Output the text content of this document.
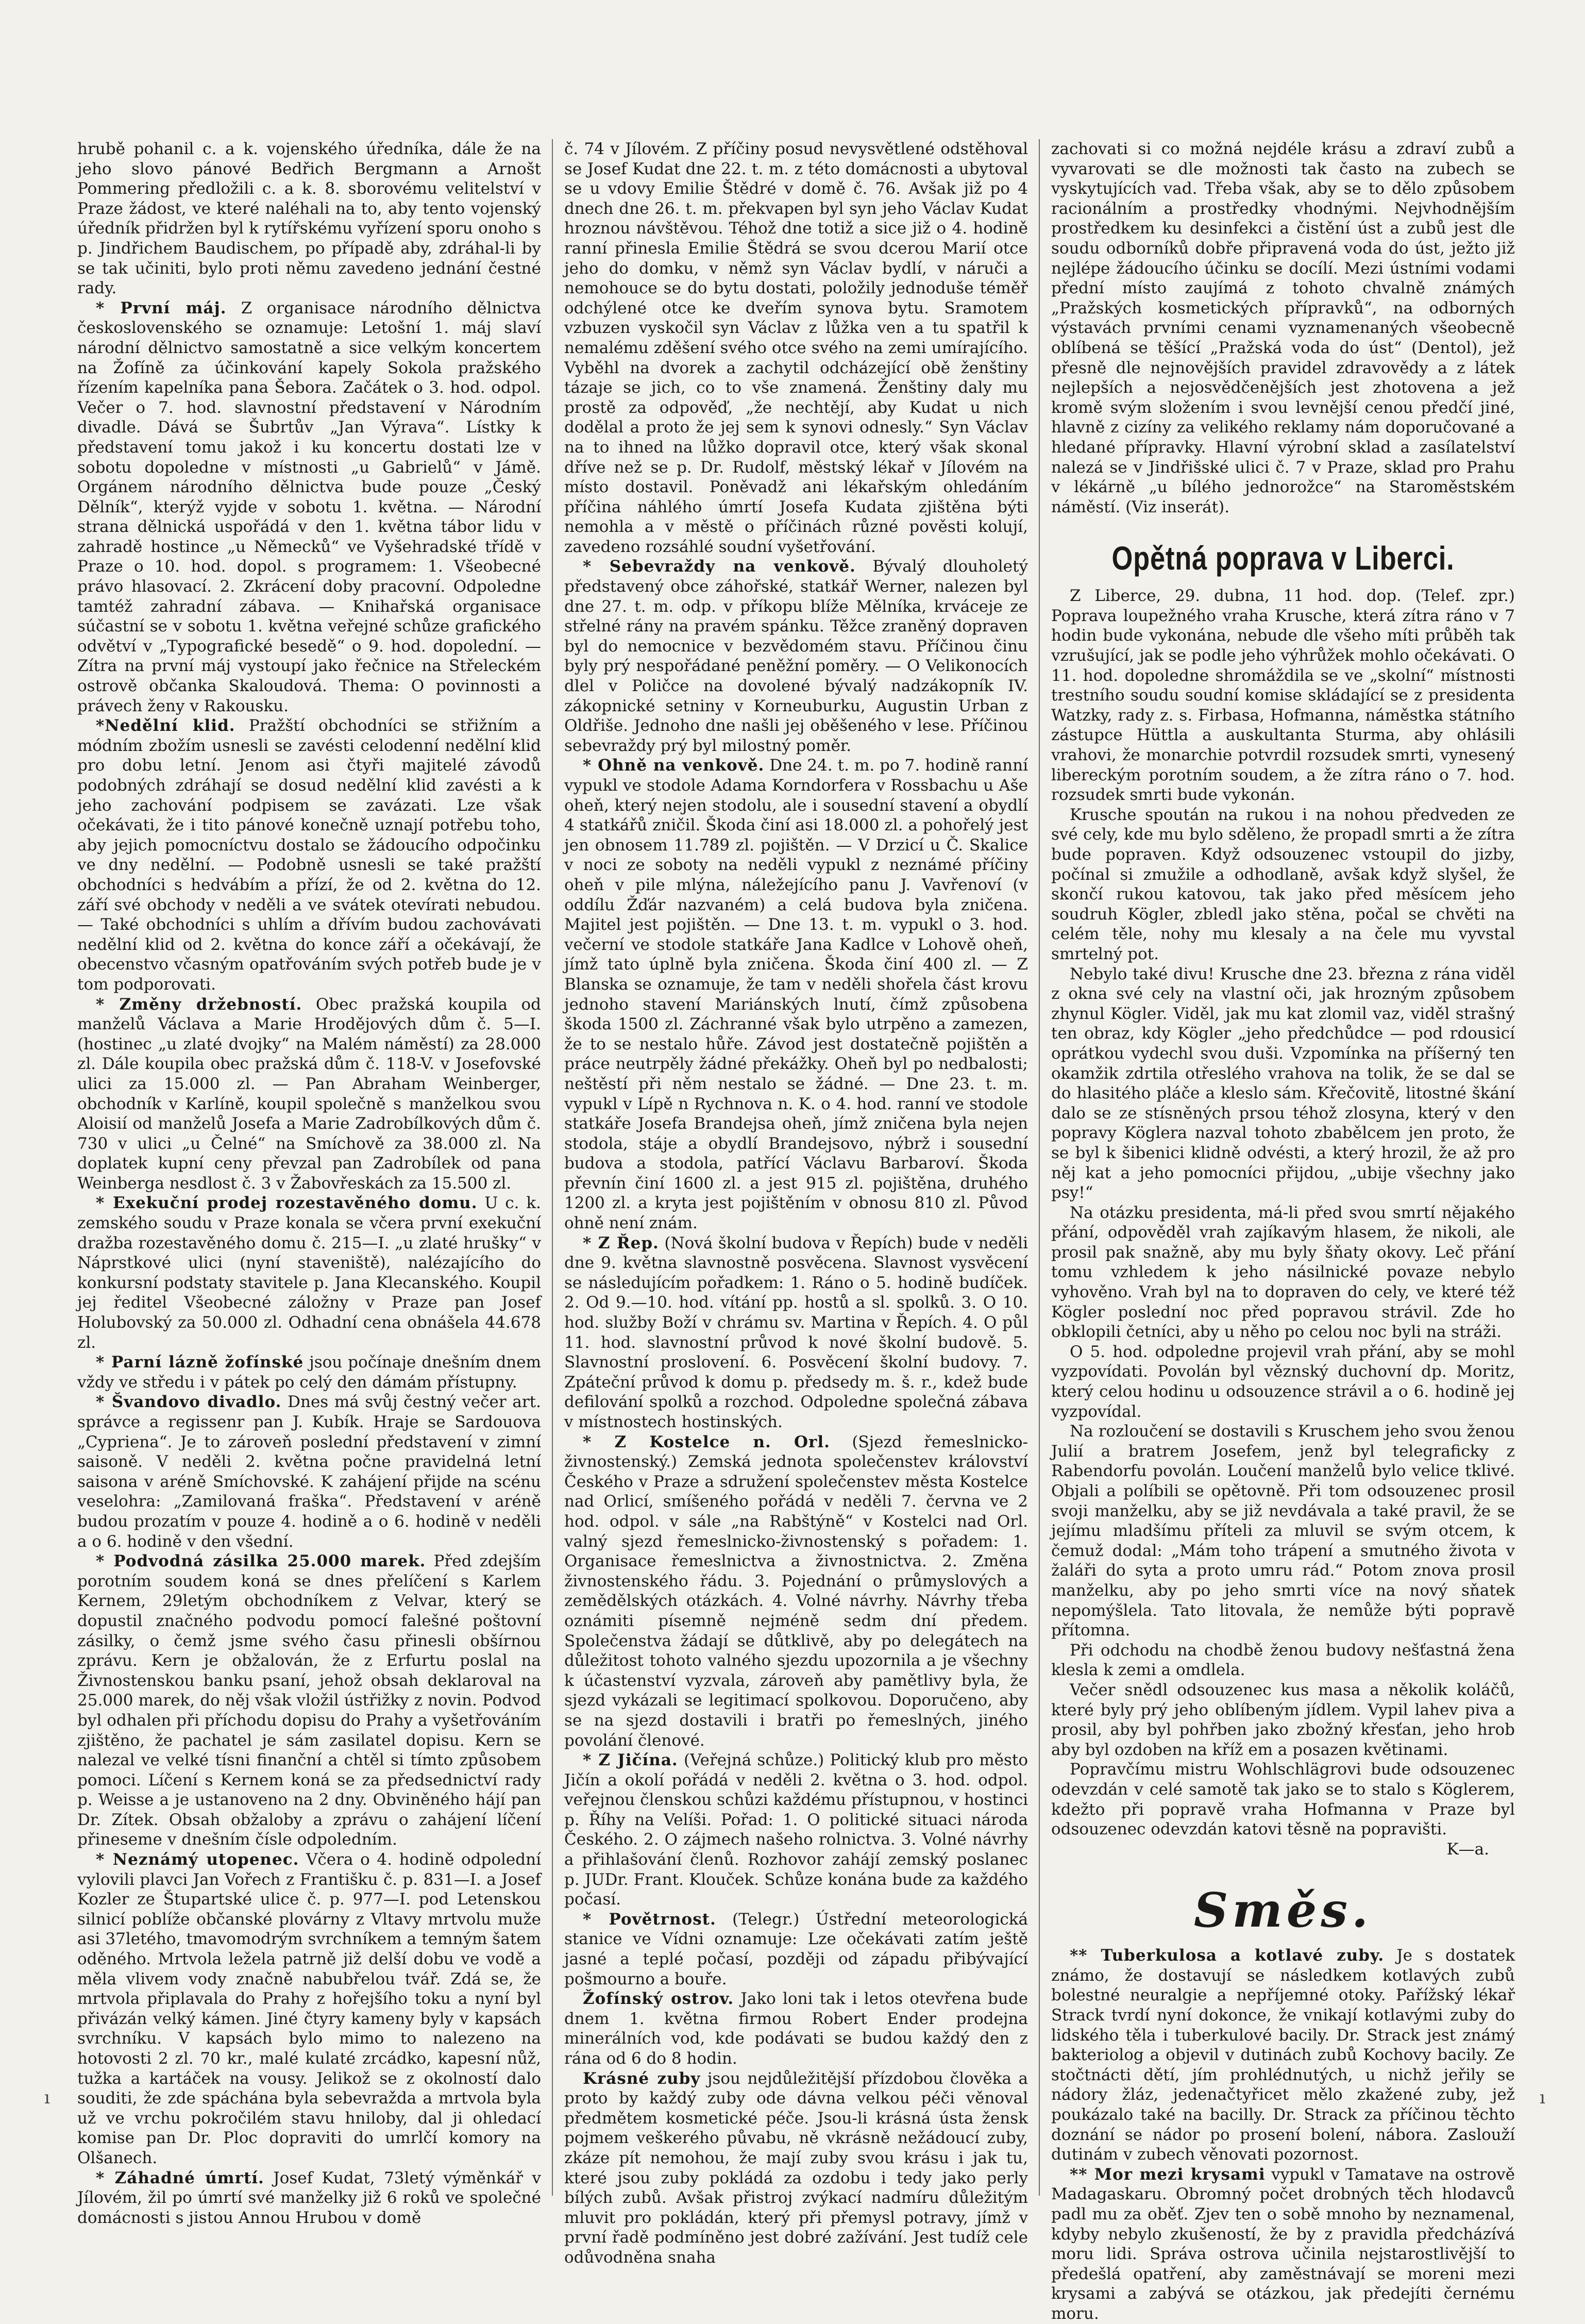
hrubě pohanil c. a k. vojenského úředníka, dále že na jeho slovo pánové Bedřich Bergmann a Arnošt Pommering předložili c. a k. 8. sborovému velitelství v Praze žádost, ve které naléhali na to, aby tento vojenský úředník přidržen byl k rytířskému vyřízení sporu onoho s p. Jindřichem Baudischem, po případě aby, zdráhal-li by se tak učiniti, bylo proti němu zavedeno jednání čestné rady.

* První máj. Z organisace národního dělnictva československého se oznamuje: Letošní 1. máj slaví národní dělnictvo samostatně a sice velkým koncertem na Žofíně za účinkování kapely Sokola pražského řízením kapelníka pana Šebora. Začátek o 3. hod. odpol. Večer o 7. hod. slavnostní představení v Národním divadle. Dává se Šubrtův „Jan Výrava“. Lístky k představení tomu jakož i ku koncertu dostati lze v sobotu dopoledne v místnosti „u Gabrielů“ v Jámě. Orgánem národního dělnictva bude pouze „Český Dělník“, kterýž vyjde v sobotu 1. května. — Národní strana dělnická uspořádá v den 1. května tábor lidu v zahradě hostince „u Německů“ ve Vyšehradské třídě v Praze o 10. hod. dopol. s programem: 1. Všeobecné právo hlasovací. 2. Zkrácení doby pracovní. Odpoledne tamtéž zahradní zábava. — Knihařská organisace súčastní se v sobotu 1. května veřejné schůze grafického odvětví v „Typografické besedě“ o 9. hod. dopolední. — Zítra na první máj vystoupí jako řečnice na Střeleckém ostrově občanka Skaloudová. Thema: O povinnosti a právech ženy v Rakousku.

*Nedělní klid. Pražští obchodníci se střižním a módním zbožím usnesli se zavésti celodenní nedělní klid pro dobu letní. Jenom asi čtyři majitelé závodů podobných zdráhají se dosud nedělní klid zavésti a k jeho zachování podpisem se zavázati. Lze však očekávati, že i tito pánové konečně uznají potřebu toho, aby jejich pomocníctvu dostalo se žádoucího odpočinku ve dny nedělní. — Podobně usnesli se také pražští obchodníci s hedvábím a přízí, že od 2. května do 12. září své obchody v neděli a ve svátek otevírati nebudou. — Také obchodníci s uhlím a dřívím budou zachovávati nedělní klid od 2. května do konce září a očekávají, že obecenstvo včasným opatřováním svých potřeb bude je v tom podporovati.

* Změny držebností. Obec pražská koupila od manželů Václava a Marie Hrodějových dům č. 5—I. (hostinec „u zlaté dvojky“ na Malém náměstí) za 28.000 zl. Dále koupila obec pražská dům č. 118-V. v Josefovské ulici za 15.000 zl. — Pan Abraham Weinberger, obchodník v Karlíně, koupil společně s manželkou svou Aloisií od manželů Josefa a Marie Zadrobílkových dům č. 730 v ulici „u Čelné“ na Smíchově za 38.000 zl. Na doplatek kupní ceny převzal pan Zadrobílek od pana Weinberga nesdlost č. 3 v Žabovřeskách za 15.500 zl.

* Exekuční prodej rozestavěného domu. U c. k. zemského soudu v Praze konala se včera první exekuční dražba rozestavěného domu č. 215—I. „u zlaté hrušky“ v Náprstkové ulici (nyní staveniště), nalézajícího do konkursní podstaty stavitele p. Jana Klecanského. Koupil jej ředitel Všeobecné záložny v Praze pan Josef Holubovský za 50.000 zl. Odhadní cena obnášela 44.678 zl.

* Parní lázně žofínské jsou počínaje dnešním dnem vždy ve středu i v pátek po celý den dámám přístupny.

* Švandovo divadlo. Dnes má svůj čestný večer art. správce a regissenr pan J. Kubík. Hraje se Sardouova „Cypriena“. Je to zároveň poslední představení v zimní saisoně. V neděli 2. května počne pravidelná letní saisona v aréně Smíchovské. K zahájení přijde na scénu veselohra: „Zamilovaná fraška“. Představení v aréně budou prozatím v pouze 4. hodině a o 6. hodině v neděli a o 6. hodině v den všední.

* Podvodná zásilka 25.000 marek. Před zdejším porotním soudem koná se dnes přelíčení s Karlem Kernem, 29letým obchodníkem z Velvar, který se dopustil značného podvodu pomocí falešné poštovní zásilky, o čemž jsme svého času přinesli obšírnou zprávu. Kern je obžalován, že z Erfurtu poslal na Živnostenskou banku psaní, jehož obsah deklaroval na 25.000 marek, do něj však vložil ústřižky z novin. Podvod byl odhalen při příchodu dopisu do Prahy a vyšetřováním zjištěno, že pachatel je sám zasilatel dopisu. Kern se nalezal ve velké tísni finanční a chtěl si tímto způsobem pomoci. Líčení s Kernem koná se za předsednictví rady p. Weisse a je ustanoveno na 2 dny. Obviněného hájí pan Dr. Zítek. Obsah obžaloby a zprávu o zahájení líčení přineseme v dnešním čísle odpoledním.

* Neznámý utopenec. Včera o 4. hodině odpolední vylovili plavci Jan Vořech z Františku č. p. 831—I. a Josef Kozler ze Štupartské ulice č. p. 977—I. pod Letenskou silnicí poblíže občanské plovárny z Vltavy mrtvolu muže asi 37letého, tmavomodrým svrchníkem a temným šatem oděného. Mrtvola ležela patrně již delší dobu ve vodě a měla vlivem vody značně nabubřelou tvář. Zdá se, že mrtvola připlavala do Prahy z hořejšího toku a nyní byl přivázán velký kámen. Jiné čtyry kameny byly v kapsách svrchníku. V kapsách bylo mimo to nalezeno na hotovosti 2 zl. 70 kr., malé kulaté zrcádko, kapesní nůž, tužka a kartáček na vousy. Jelikož se z okolností dalo souditi, že zde spáchána byla sebevražda a mrtvola byla už ve vrchu pokročilém stavu hniloby, dal ji ohledací komise pan Dr. Ploc dopraviti do umrlčí komory na Olšanech.

* Záhadné úmrtí. Josef Kudat, 73letý výměnkář v Jílovém, žil po úmrtí své manželky již 6 roků ve společné domácnosti s jistou Annou Hrubou v domě

č. 74 v Jílovém. Z příčiny posud nevysvětlené odstěhoval se Josef Kudat dne 22. t. m. z této domácnosti a ubytoval se u vdovy Emilie Štědré v domě č. 76. Avšak již po 4 dnech dne 26. t. m. překvapen byl syn jeho Václav Kudat hroznou návštěvou. Téhož dne totiž a sice již o 4. hodině ranní přinesla Emilie Štědrá se svou dcerou Marií otce jeho do domku, v němž syn Václav bydlí, v náruči a nemohouce se do bytu dostati, položily jednoduše téměř odchýlené otce ke dveřím synova bytu. Sramotem vzbuzen vyskočil syn Václav z lůžka ven a tu spatřil k nemalému zděšení svého otce svého na zemi umírajícího. Vyběhl na dvorek a zachytil odcházející obě ženštiny tázaje se jich, co to vše znamená. Ženštiny daly mu prostě za odpověď, „že nechtějí, aby Kudat u nich dodělal a proto že jej sem k synovi odnesly.“ Syn Václav na to ihned na lůžko dopravil otce, který však skonal dříve než se p. Dr. Rudolf, městský lékař v Jílovém na místo dostavil. Poněvadž ani lékařským ohledáním příčina náhlého úmrtí Josefa Kudata zjištěna býti nemohla a v městě o příčinách různé pověsti kolují, zavedeno rozsáhlé soudní vyšetřování.

* Sebevraždy na venkově. Bývalý dlouholetý představený obce záhořské, statkář Werner, nalezen byl dne 27. t. m. odp. v příkopu blíže Mělníka, krváceje ze střelné rány na pravém spánku. Těžce zraněný dopraven byl do nemocnice v bezvědomém stavu. Příčinou činu byly prý nespořádané peněžní poměry. — O Velikonocích dlel v Poličce na dovolené bývalý nadzákopník IV. zákopnické setniny v Korneuburku, Augustin Urban z Oldřiše. Jednoho dne našli jej oběšeného v lese. Příčinou sebevraždy prý byl milostný poměr.

* Ohně na venkově. Dne 24. t. m. po 7. hodině ranní vypukl ve stodole Adama Korndorfera v Rossbachu u Aše oheň, který nejen stodolu, ale i sousední stavení a obydlí 4 statkářů zničil. Škoda činí asi 18.000 zl. a pohořelý jest jen obnosem 11.789 zl. pojištěn. — V Drzicí u Č. Skalice v noci ze soboty na neděli vypukl z neznámé příčiny oheň v pile mlýna, náležejícího panu J. Vavřenoví (v oddílu Žďár nazvaném) a celá budova byla zničena. Majitel jest pojištěn. — Dne 13. t. m. vypukl o 3. hod. večerní ve stodole statkáře Jana Kadlce v Lohově oheň, jímž tato úplně byla zničena. Škoda činí 400 zl. — Z Blanska se oznamuje, že tam v neděli shořela část krovu jednoho stavení Mariánských lnutí, čímž způsobena škoda 1500 zl. Záchranné však bylo utrpěno a zamezen, že to se nestalo hůře. Závod jest dostatečně pojištěn a práce neutrpěly žádné překážky. Oheň byl po nedbalosti; neštěstí při něm nestalo se žádné. — Dne 23. t. m. vypukl v Lípě n Rychnova n. K. o 4. hod. ranní ve stodole statkáře Josefa Brandejsa oheň, jímž zničena byla nejen stodola, stáje a obydlí Brandejsovo, nýbrž i sousední budova a stodola, patřící Václavu Barbaroví. Škoda převnín činí 1600 zl. a jest 915 zl. pojištěna, druhého 1200 zl. a kryta jest pojištěním v obnosu 810 zl. Původ ohně není znám.

* Z Řep. (Nová školní budova v Řepích) bude v neděli dne 9. května slavnostně posvěcena. Slavnost vysvěcení se následujícím pořadkem: 1. Ráno o 5. hodině budíček. 2. Od 9.—10. hod. vítání pp. hostů a sl. spolků. 3. O 10. hod. služby Boží v chrámu sv. Martina v Řepích. 4. O půl 11. hod. slavnostní průvod k nové školní budově. 5. Slavnostní proslovení. 6. Posvěcení školní budovy. 7. Zpáteční průvod k domu p. předsedy m. š. r., kdež bude defilování spolků a rozchod. Odpoledne společná zábava v místnostech hostinských.

* Z Kostelce n. Orl. (Sjezd řemeslnicko-živnostenský.) Zemská jednota společenstev království Českého v Praze a sdružení společenstev města Kostelce nad Orlicí, smíšeného pořádá v neděli 7. června ve 2 hod. odpol. v sále „na Rabštýně“ v Kostelci nad Orl. valný sjezd řemeslnicko-živnostenský s pořadem: 1. Organisace řemeslnictva a živnostnictva. 2. Změna živnostenského řádu. 3. Pojednání o průmyslových a zemědělských otázkách. 4. Volné návrhy. Návrhy třeba oznámiti písemně nejméně sedm dní předem. Společenstva žádají se důtklivě, aby po delegátech na důležitost tohoto valného sjezdu upozornila a je všechny k účastenství vyzvala, zároveň aby pamětlivy byla, že sjezd vykázali se legitimací spolkovou. Doporučeno, aby se na sjezd dostavili i bratři po řemeslných, jiného povolání členové.

* Z Jičína. (Veřejná schůze.) Politický klub pro město Jičín a okolí pořádá v neděli 2. května o 3. hod. odpol. veřejnou členskou schůzi každému přístupnou, v hostinci p. Říhy na Velíši. Pořad: 1. O politické situaci národa Českého. 2. O zájmech našeho rolnictva. 3. Volné návrhy a přihlašování členů. Rozhovor zahájí zemský poslanec p. JUDr. Frant. Klouček. Schůze konána bude za každého počasí.

* Povětrnost. (Telegr.) Ústřední meteorologická stanice ve Vídni oznamuje: Lze očekávati zatím ještě jasné a teplé počasí, později od západu přibývající pošmourno a bouře.

Žofínský ostrov. Jako loni tak i letos otevřena bude dnem 1. května firmou Robert Ender prodejna minerálních vod, kde podávati se budou každý den z rána od 6 do 8 hodin.

Krásné zuby jsou nejdůležitější přízdobou člověka a proto by každý zuby ode dávna velkou péči věnoval předmětem kosmetické péče. Jsou-li krásná ústa žensk pojmem veškerého půvabu, ně vkrásně nežádoucí zuby, zkáze pít nemohou, že mají zuby svou krásu i jak tu, které jsou zuby pokládá za ozdobu i tedy jako perly bílých zubů. Avšak přistroj zvýkací nadmíru důležitým mluvit pro pokládán, který při přemysl potravy, jímž v první řadě podmíněno jest dobré zažívání. Jest tudíž cele odůvodněna snaha

zachovati si co možná nejdéle krásu a zdraví zubů a vyvarovati se dle možnosti tak často na zubech se vyskytujících vad. Třeba však, aby se to dělo způsobem racionálním a prostředky vhodnými. Nejvhodnějším prostředkem ku desinfekci a čistění úst a zubů jest dle soudu odborníků dobře připravená voda do úst, ježto již nejlépe žádoucího účinku se docílí. Mezi ústními vodami přední místo zaujímá z tohoto chvalně známých „Pražských kosmetických přípravků“, na odborných výstavách prvními cenami vyznamenaných všeobecně oblíbená se těšící „Pražská voda do úst“ (Dentol), jež přesně dle nejnovějších pravidel zdravovědy a z látek nejlepších a nejosvědčenějších jest zhotovena a jež kromě svým složením i svou levnější cenou předčí jiné, hlavně z cizíny za velikého reklamy nám doporučované a hledané přípravky. Hlavní výrobní sklad a zasílatelství nalezá se v Jindřišské ulici č. 7 v Praze, sklad pro Prahu v lékárně „u bílého jednorožce“ na Staroměstském náměstí. (Viz inserát).

Opětná poprava v Liberci.

Z Liberce, 29. dubna, 11 hod. dop. (Telef. zpr.) Poprava loupežného vraha Krusche, která zítra ráno v 7 hodin bude vykonána, nebude dle všeho míti průběh tak vzrušující, jak se podle jeho výhrůžek mohlo očekávati. O 11. hod. dopoledne shromáždila se ve „skolní“ místnosti trestního soudu soudní komise skládající se z presidenta Watzky, rady z. s. Firbasa, Hofmanna, náměstka státního zástupce Hüttla a auskultanta Sturma, aby ohlásili vrahovi, že monarchie potvrdil rozsudek smrti, vynesený libereckým porotním soudem, a že zítra ráno o 7. hod. rozsudek smrti bude vykonán.

Krusche spoután na rukou i na nohou předveden ze své cely, kde mu bylo sděleno, že propadl smrti a že zítra bude popraven. Když odsouzenec vstoupil do jizby, počínal si zmužile a odhodlaně, avšak když slyšel, že skončí rukou katovou, tak jako před měsícem jeho soudruh Kögler, zbledl jako stěna, počal se chvěti na celém těle, nohy mu klesaly a na čele mu vyvstal smrtelný pot.

Nebylo také divu! Krusche dne 23. března z rána viděl z okna své cely na vlastní oči, jak hrozným způsobem zhynul Kögler. Viděl, jak mu kat zlomil vaz, viděl strašný ten obraz, kdy Kögler „jeho předchůdce — pod rdousicí oprátkou vydechl svou duši. Vzpomínka na příšerný ten okamžik zdrtila otřeslého vrahova na tolik, že se dal se do hlasitého pláče a kleslo sám. Křečovitě, litostné škání dalo se ze stísněných prsou téhož zlosyna, který v den popravy Köglera nazval tohoto zbabělcem jen proto, že se byl k šibenici klidně odvésti, a který hrozil, že až pro něj kat a jeho pomocníci přijdou, „ubije všechny jako psy!“

Na otázku presidenta, má-li před svou smrtí nějakého přání, odpověděl vrah zajíkavým hlasem, že nikoli, ale prosil pak snažně, aby mu byly šňaty okovy. Leč přání tomu vzhledem k jeho násilnické povaze nebylo vyhověno. Vrah byl na to dopraven do cely, ve které též Kögler poslední noc před popravou strávil. Zde ho obklopili četníci, aby u něho po celou noc byli na stráži.

O 5. hod. odpoledne projevil vrah přání, aby se mohl vyzpovídati. Povolán byl věznský duchovní dp. Moritz, který celou hodinu u odsouzence strávil a o 6. hodině jej vyzpovídal.

Na rozloučení se dostavili s Kruschem jeho svou ženou Julií a bratrem Josefem, jenž byl telegraficky z Rabendorfu povolán. Loučení manželů bylo velice tklivé. Objali a políbili se opětovně. Při tom odsouzenec prosil svoji manželku, aby se již nevdávala a také pravil, že se jejímu mladšímu příteli za mluvil se svým otcem, k čemuž dodal: „Mám toho trápení a smutného života v žaláři do syta a proto umru rád.“ Potom znova prosil manželku, aby po jeho smrti více na nový sňatek nepomýšlela. Tato litovala, že nemůže býti popravě přítomna.

Při odchodu na chodbě ženou budovy nešťastná žena klesla k zemi a omdlela.

Večer snědl odsouzenec kus masa a několik koláčů, které byly prý jeho oblíbeným jídlem. Vypil lahev piva a prosil, aby byl pohřben jako zbožný křesťan, jeho hrob aby byl ozdoben na kříž em a posazen květinami.

Popravčímu mistru Wohlschlägrovi bude odsouzenec odevzdán v celé samotě tak jako se to stalo s Köglerem, kdežto při popravě vraha Hofmanna v Praze byl odsouzenec odevzdán katovi těsně na popravišti.

K—a.

Směs.

** Tuberkulosa a kotlavé zuby. Je s dostatek známo, že dostavují se následkem kotlavých zubů bolestné neuralgie a nepříjemné otoky. Pařížský lékař Strack tvrdí nyní dokonce, že vnikají kotlavými zuby do lidského těla i tuberkulové bacily. Dr. Strack jest známý bakteriolog a objevil v dutinách zubů Kochovy bacily. Ze stočtnácti dětí, jím prohlédnutých, u nichž jeřily se nádory žláz, jedenačtyřicet mělo zkažené zuby, jež poukázalo také na bacilly. Dr. Strack za příčinou těchto doznání se nádor po prosení bolení, nábora. Zaslouží dutinám v zubech věnovati pozornost.

** Mor mezi krysami vypukl v Tamatave na ostrově Madagaskaru. Obromný počet drobných těch hlodavců padl mu za oběť. Zjev ten o sobě mnoho by neznamenal, kdyby nebylo zkušeností, že by z pravidla předcházívá moru lidi. Správa ostrova učinila nejstarostlivější to předešlá opatření, aby zaměstnávají se moreni mezi krysami a zabývá se otázkou, jak předejíti černému moru.

ı	ı
